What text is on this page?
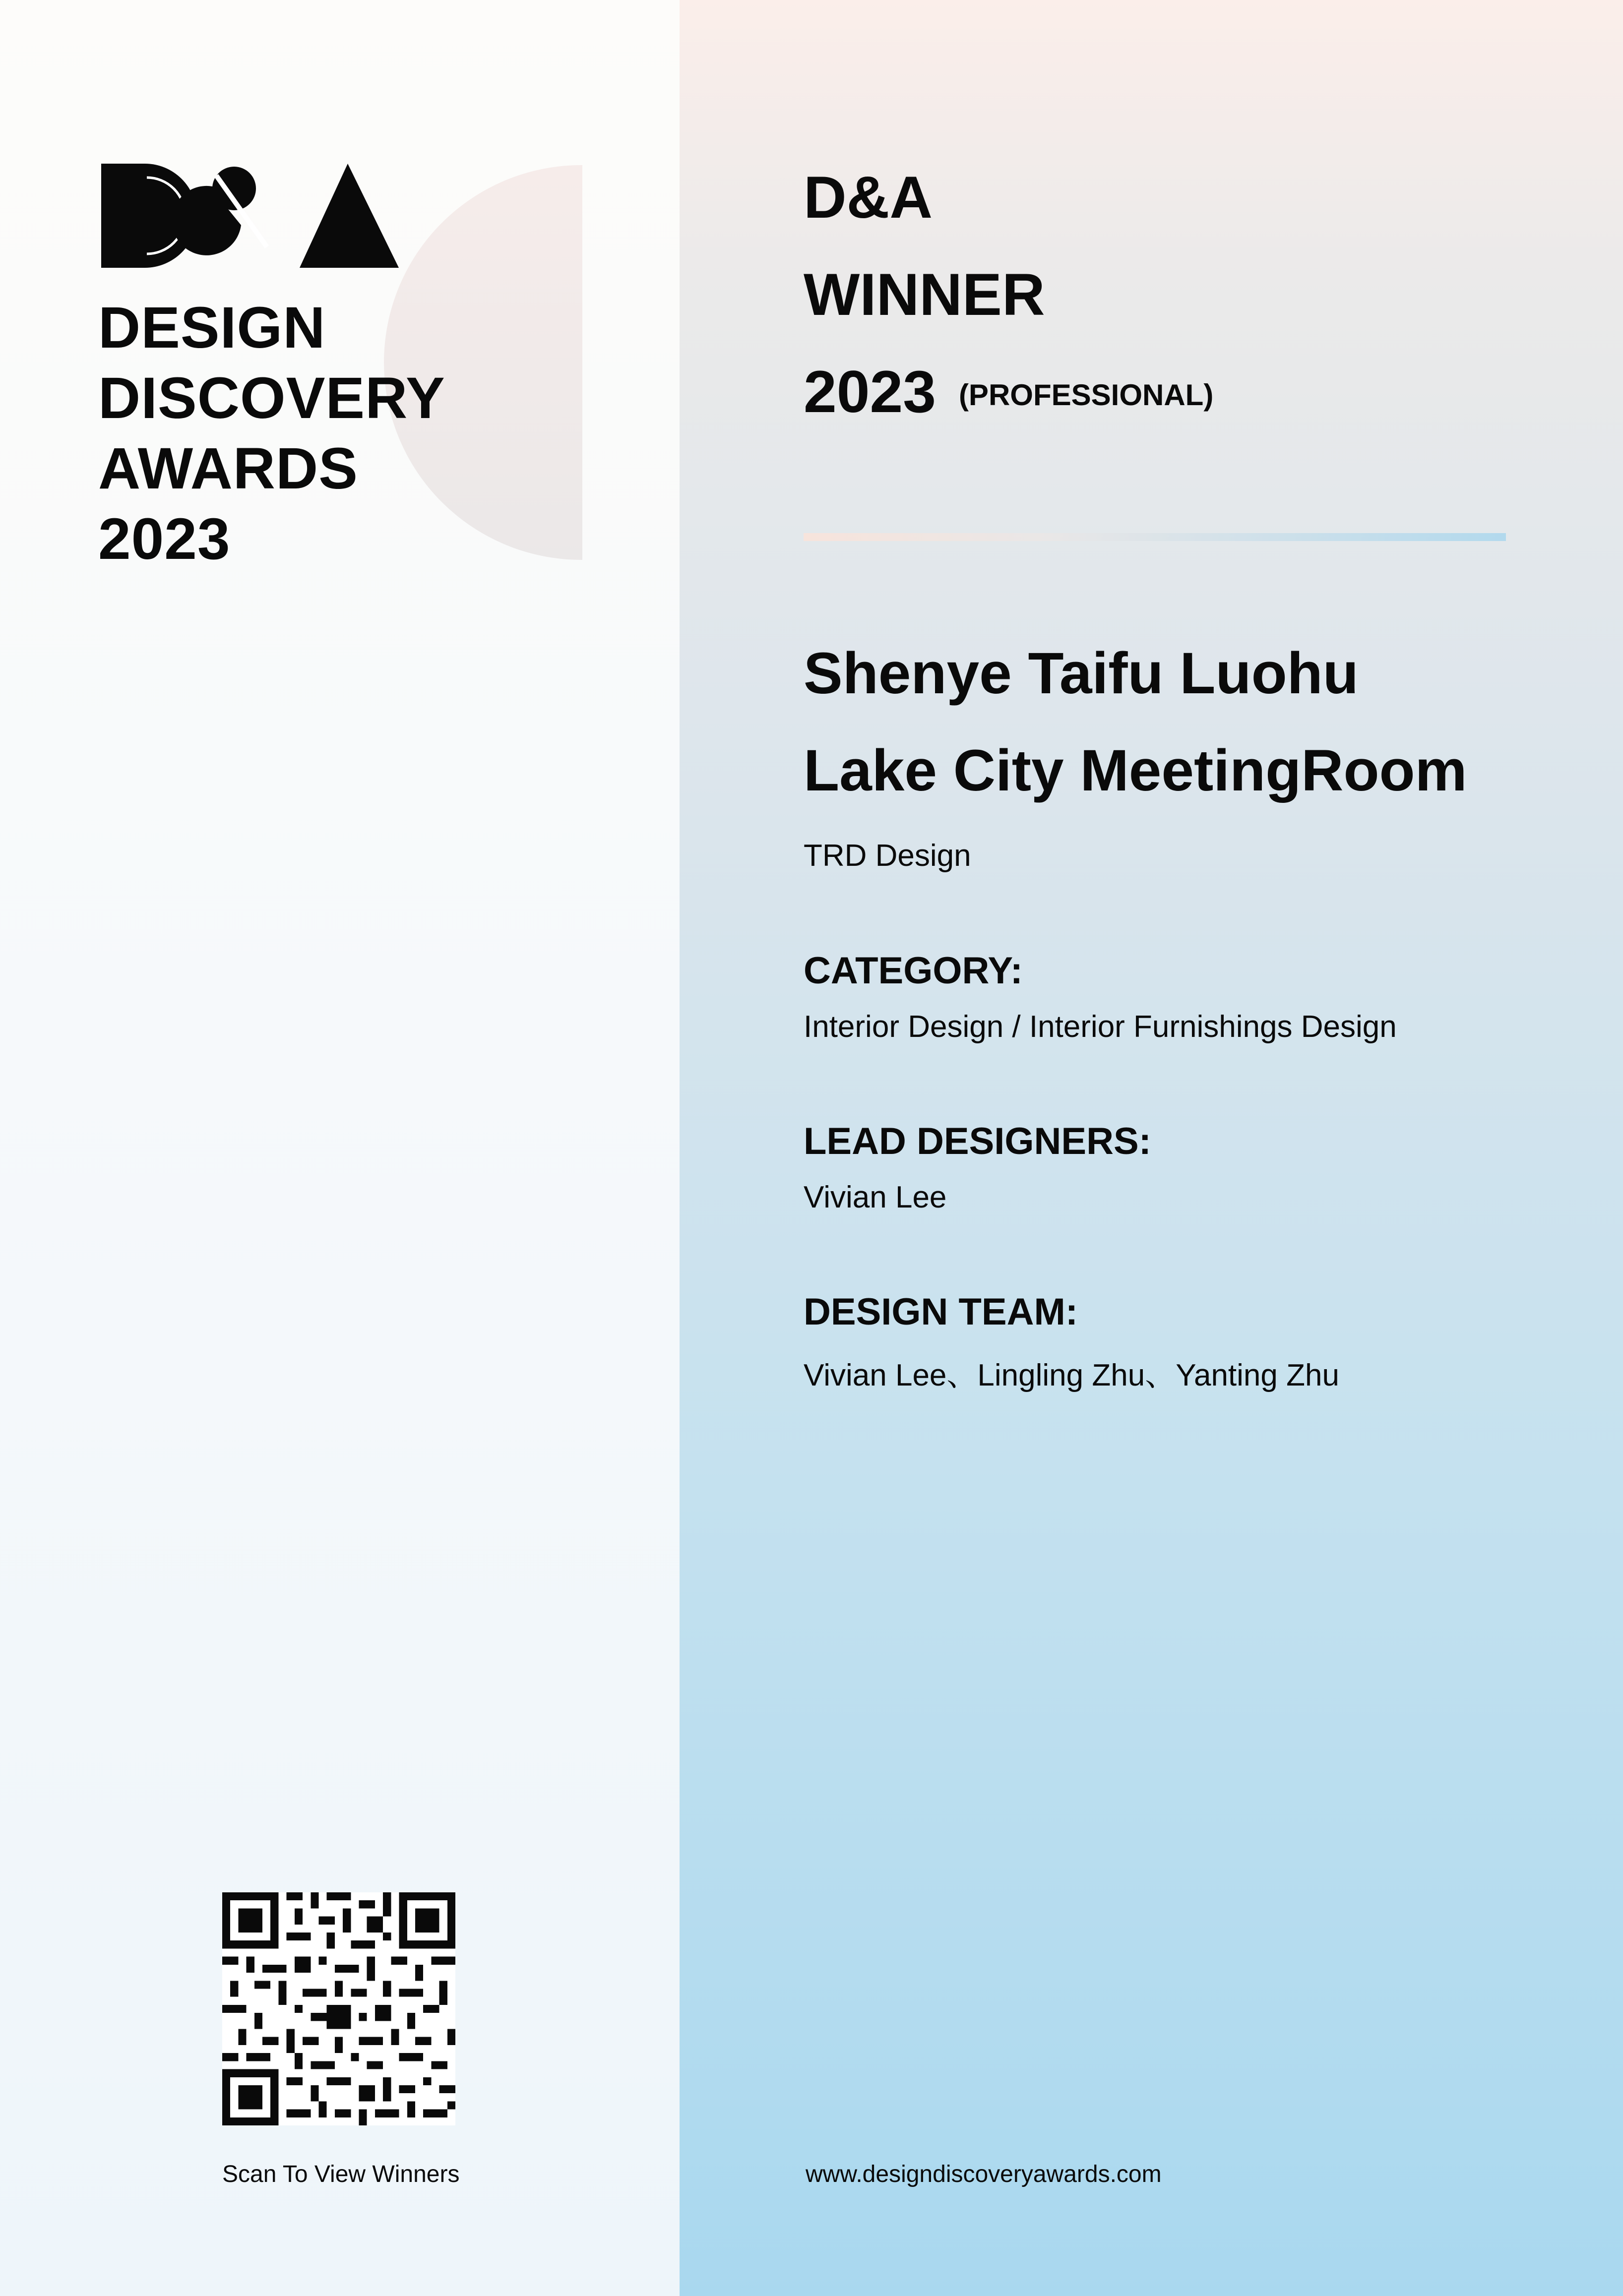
DESIGN
DISCOVERY
AWARDS
2023
D&A
WINNER
2023 (PROFESSIONAL)
Shenye Taifu Luohu
Lake City MeetingRoom
TRD Design
CATEGORY:
Interior Design / Interior Furnishings Design
LEAD DESIGNERS:
Vivian Lee
DESIGN TEAM:
Vivian Lee、Lingling Zhu、Yanting Zhu
Scan To View Winners	www.designdiscoveryawards.com
